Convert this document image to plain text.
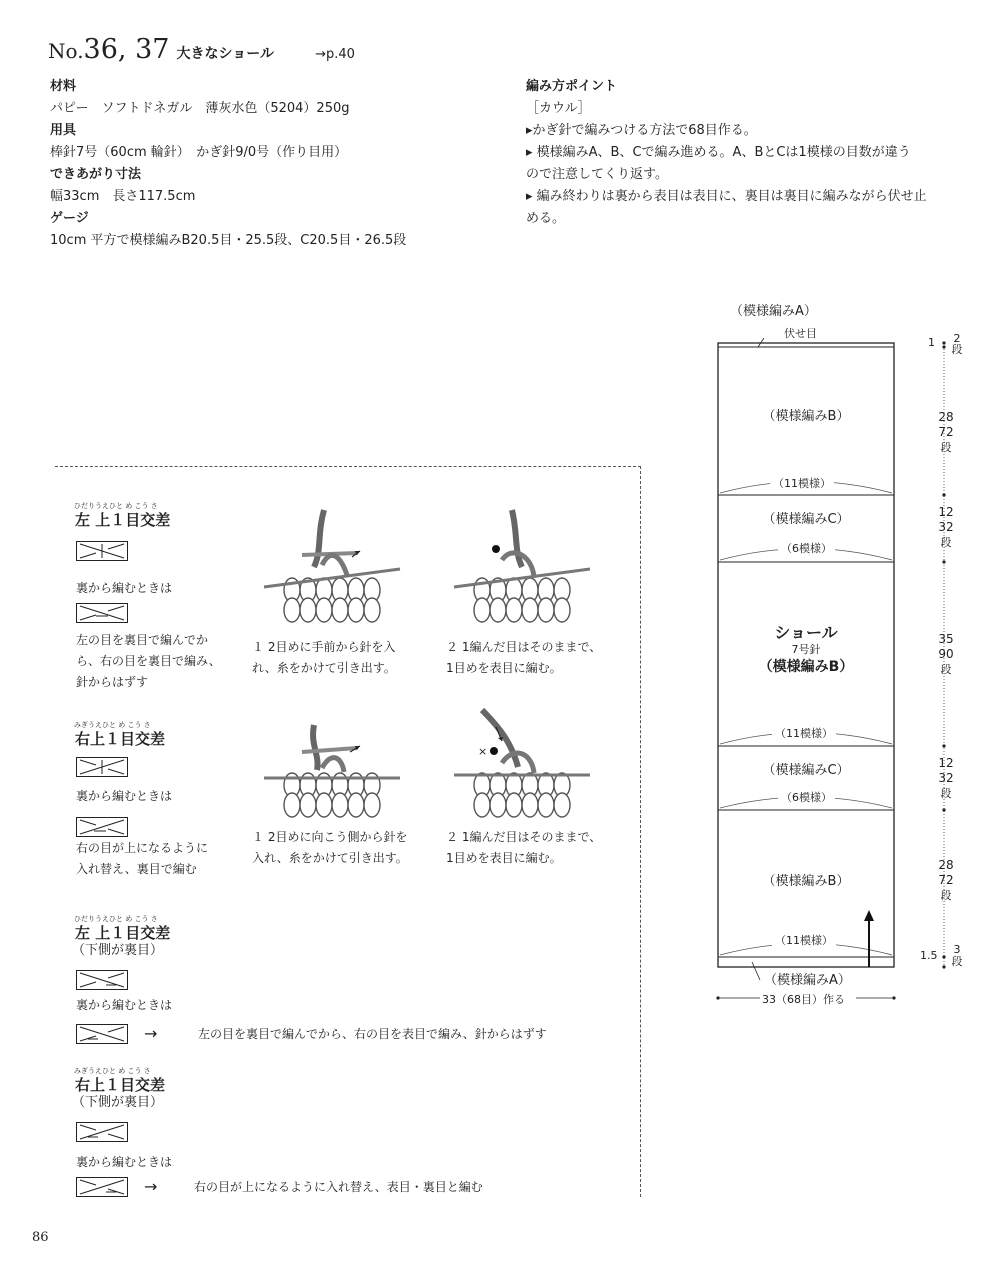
No.36, 37 大きなショール	→p.40
材料
パピー　ソフトドネガル　薄灰水色（5204）250g
用具
棒針7号（60cm 輪針）　かぎ針9/0号（作り目用）
できあがり寸法
幅33cm　長さ117.5cm
ゲージ
10cm 平方で模様編みB20.5目・25.5段、C20.5目・26.5段
編み方ポイント
［カウル］
▸かぎ針で編みつける方法で68目作る。
▸ 模様編みA、B、Cで編み進める。A、BとCは1模様の目数が違う
ので注意してくり返す。
▸ 編み終わりは裏から表目は表目に、裏目は裏目に編みながら伏せ止
める。
ひだりうえひと め こう さ
左 上１目交差
裏から編むときは
左の目を裏目で編んでか
ら、右の目を裏目で編み、
針からはずす
１ 2目めに手前から針を入
れ、糸をかけて引き出す。
２ 1編んだ目はそのままで、
1目めを表目に編む。
みぎうえひと め こう さ
右上１目交差
裏から編むときは
右の目が上になるように
入れ替え、裏目で編む
×
１ 2目めに向こう側から針を
入れ、糸をかけて引き出す。
２ 1編んだ目はそのままで、
1目めを表目に編む。
ひだりうえひと め こう さ
左 上１目交差
（下側が裏目）
裏から編むときは
→	左の目を裏目で編んでから、右の目を表目で編み、針からはずす
みぎうえひと め こう さ
右上１目交差
（下側が裏目）
裏から編むときは
→	右の目が上になるように入れ替え、表目・裏目と編む
（模様編みA）
伏せ目
（模様編みB）
（11模様）
（模様編みC）
（6模様）
ショール
7号針
（模様編みB）
（11模様）
（模様編みC）
（6模様）
（模様編みB）
（11模様）
（模様編みA）
33（68目）作る
1	2
段
28
72
段
12
32
段
35
90
段
12
32
段
28
72
段
1.5	3
段
86
